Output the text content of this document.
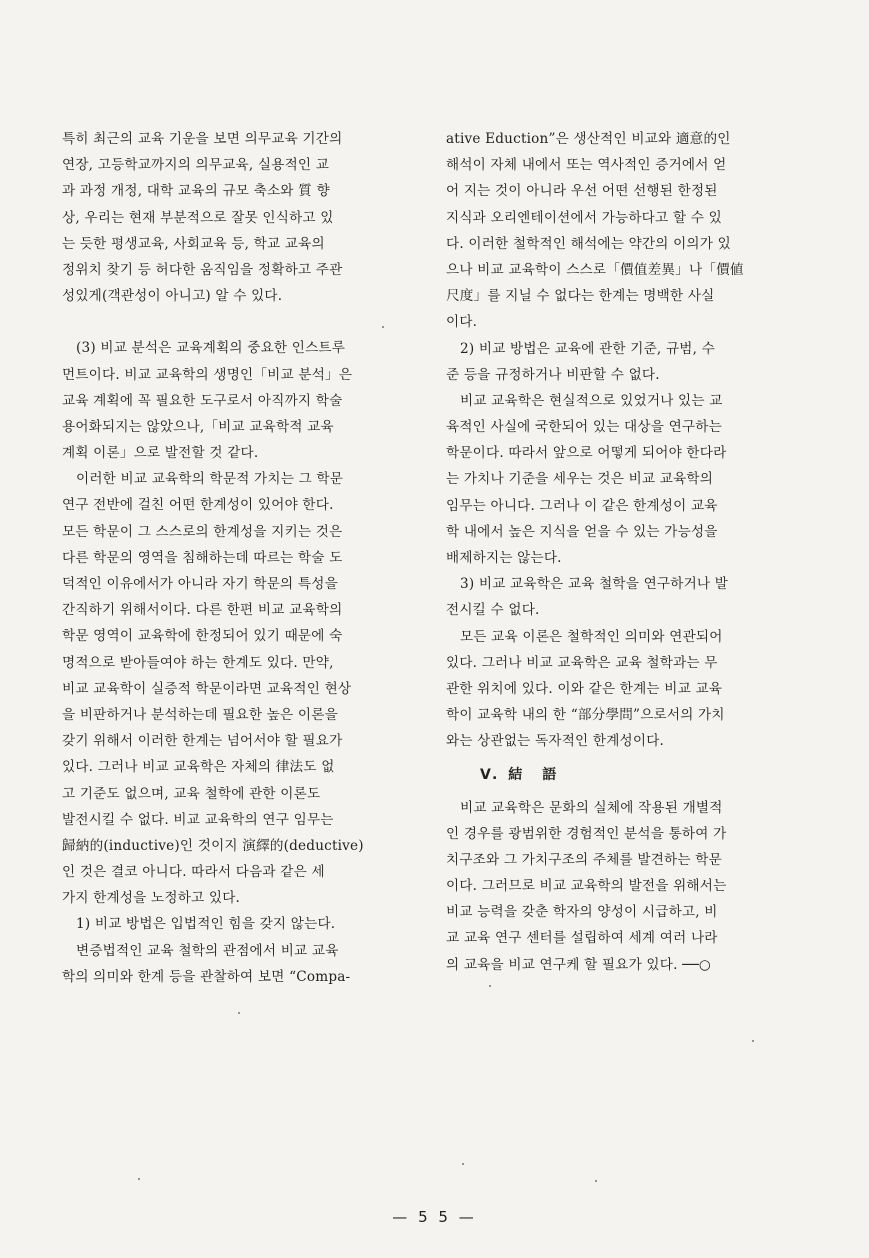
특히 최근의 교육 기운을 보면 의무교육 기간의
연장, 고등학교까지의 의무교육, 실용적인 교
과 과정 개정, 대학 교육의 규모 축소와 質 향
상, 우리는 현재 부분적으로 잘못 인식하고 있
는 듯한 평생교육, 사회교육 등, 학교 교육의
정위치 찾기 등 허다한 움직임을 정확하고 주관
성있게(객관성이 아니고) 알 수 있다.
(3) 비교 분석은 교육계획의 중요한 인스트루
먼트이다. 비교 교육학의 생명인「비교 분석」은
교육 계획에 꼭 필요한 도구로서 아직까지 학술
용어화되지는 않았으나,「비교 교육학적 교육
계획 이론」으로 발전할 것 같다.
이러한 비교 교육학의 학문적 가치는 그 학문
연구 전반에 걸친 어떤 한계성이 있어야 한다.
모든 학문이 그 스스로의 한계성을 지키는 것은
다른 학문의 영역을 침해하는데 따르는 학술 도
덕적인 이유에서가 아니라 자기 학문의 특성을
간직하기 위해서이다. 다른 한편 비교 교육학의
학문 영역이 교육학에 한정되어 있기 때문에 숙
명적으로 받아들여야 하는 한계도 있다. 만약,
비교 교육학이 실증적 학문이라면 교육적인 현상
을 비판하거나 분석하는데 필요한 높은 이론을
갖기 위해서 이러한 한계는 넘어서야 할 필요가
있다. 그러나 비교 교육학은 자체의 律法도 없
고 기준도 없으며, 교육 철학에 관한 이론도
발전시킬 수 없다. 비교 교육학의 연구 임무는
歸納的(inductive)인 것이지 演繹的(deductive)
인 것은 결코 아니다. 따라서 다음과 같은 세
가지 한계성을 노정하고 있다.
1) 비교 방법은 입법적인 힘을 갖지 않는다.
변증법적인 교육 철학의 관점에서 비교 교육
학의 의미와 한계 등을 관찰하여 보면 “Compa-
ative Eduction”은 생산적인 비교와 適意的인
해석이 자체 내에서 또는 역사적인 증거에서 얻
어 지는 것이 아니라 우선 어떤 선행된 한정된
지식과 오리엔테이션에서 가능하다고 할 수 있
다. 이러한 철학적인 해석에는 약간의 이의가 있
으나 비교 교육학이 스스로「價值差異」나「價値
尺度」를 지닐 수 없다는 한계는 명백한 사실
이다.
2) 비교 방법은 교육에 관한 기준, 규범, 수
준 등을 규정하거나 비판할 수 없다.
비교 교육학은 현실적으로 있었거나 있는 교
육적인 사실에 국한되어 있는 대상을 연구하는
학문이다. 따라서 앞으로 어떻게 되어야 한다라
는 가치나 기준을 세우는 것은 비교 교육학의
임무는 아니다. 그러나 이 같은 한계성이 교육
학 내에서 높은 지식을 얻을 수 있는 가능성을
배제하지는 않는다.
3) 비교 교육학은 교육 철학을 연구하거나 발
전시킬 수 없다.
모든 교육 이론은 철학적인 의미와 연관되어
있다. 그러나 비교 교육학은 교육 철학과는 무
관한 위치에 있다. 이와 같은 한계는 비교 교육
학이 교육학 내의 한 “部分學問”으로서의 가치
와는 상관없는 독자적인 한계성이다.
V. 結　語
비교 교육학은 문화의 실체에 작용된 개별적
인 경우를 광범위한 경험적인 분석을 통하여 가
치구조와 그 가치구조의 주체를 발견하는 학문
이다. 그러므로 비교 교육학의 발전을 위해서는
비교 능력을 갖춘 학자의 양성이 시급하고, 비
교 교육 연구 센터를 설립하여 세계 여러 나라
의 교육을 비교 연구케 할 필요가 있다. ──○
— 5 5 —
